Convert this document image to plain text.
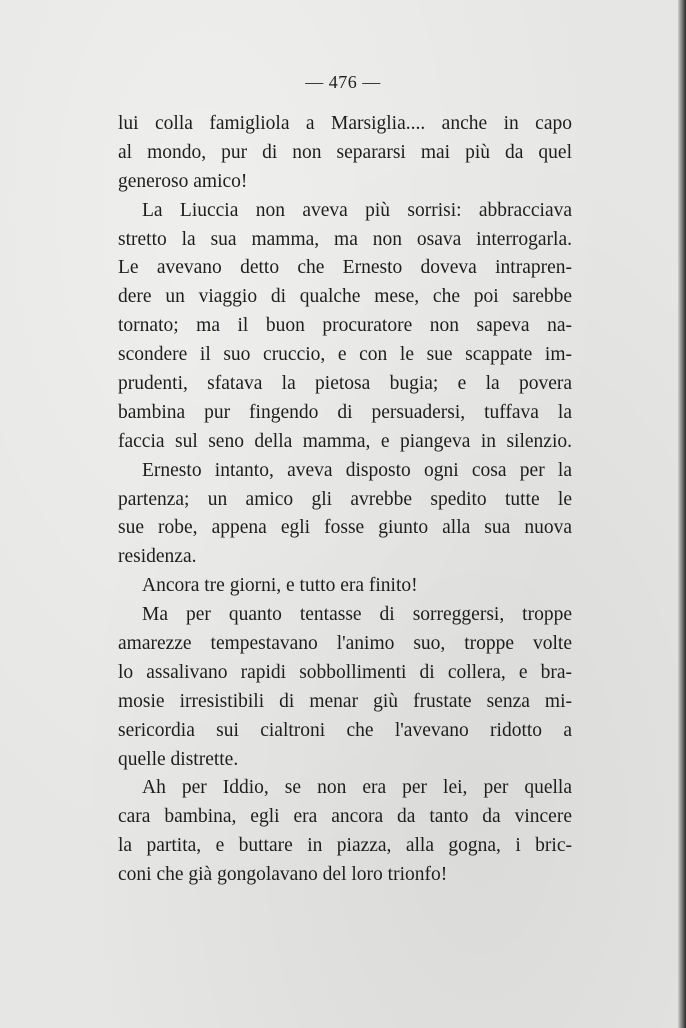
— 476 —
lui colla famigliola a Marsiglia.... anche in capo
al mondo, pur di non separarsi mai più da quel
generoso amico!
La Liuccia non aveva più sorrisi: abbracciava
stretto la sua mamma, ma non osava interrogarla.
Le avevano detto che Ernesto doveva intrapren-
dere un viaggio di qualche mese, che poi sarebbe
tornato; ma il buon procuratore non sapeva na-
scondere il suo cruccio, e con le sue scappate im-
prudenti, sfatava la pietosa bugia; e la povera
bambina pur fingendo di persuadersi, tuffava la
faccia sul seno della mamma, e piangeva in silenzio.
Ernesto intanto, aveva disposto ogni cosa per la
partenza; un amico gli avrebbe spedito tutte le
sue robe, appena egli fosse giunto alla sua nuova
residenza.
Ancora tre giorni, e tutto era finito!
Ma per quanto tentasse di sorreggersi, troppe
amarezze tempestavano l'animo suo, troppe volte
lo assalivano rapidi sobbollimenti di collera, e bra-
mosie irresistibili di menar giù frustate senza mi-
sericordia sui cialtroni che l'avevano ridotto a
quelle distrette.
Ah per Iddio, se non era per lei, per quella
cara bambina, egli era ancora da tanto da vincere
la partita, e buttare in piazza, alla gogna, i bric-
coni che già gongolavano del loro trionfo!
